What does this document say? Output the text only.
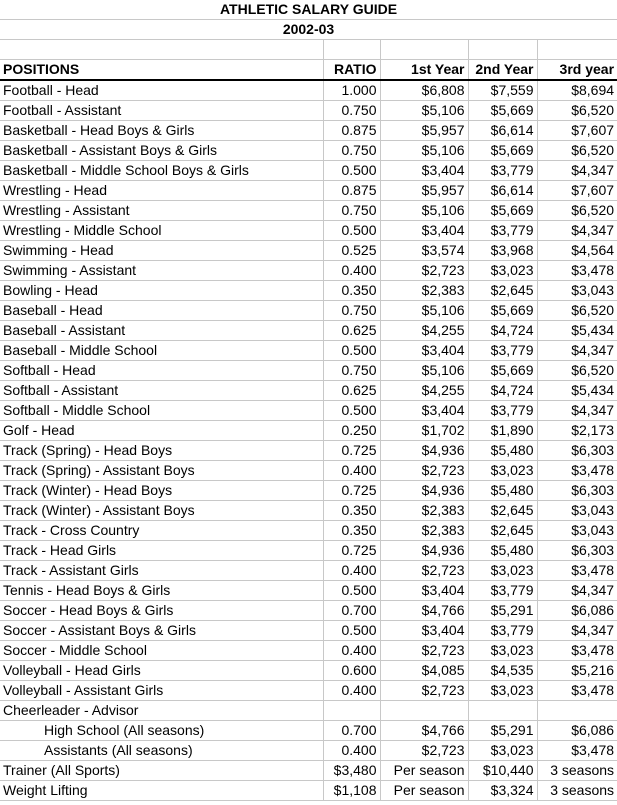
ATHLETIC SALARY GUIDE				
2002-03				

POSITIONS	RATIO	1st Year	2nd Year	3rd year
Football - Head	1.000	$6,808	$7,559	$8,694
Football - Assistant	0.750	$5,106	$5,669	$6,520
Basketball - Head Boys & Girls	0.875	$5,957	$6,614	$7,607
Basketball - Assistant Boys & Girls	0.750	$5,106	$5,669	$6,520
Basketball - Middle School Boys & Girls	0.500	$3,404	$3,779	$4,347
Wrestling - Head	0.875	$5,957	$6,614	$7,607
Wrestling - Assistant	0.750	$5,106	$5,669	$6,520
Wrestling - Middle School	0.500	$3,404	$3,779	$4,347
Swimming - Head	0.525	$3,574	$3,968	$4,564
Swimming - Assistant	0.400	$2,723	$3,023	$3,478
Bowling - Head	0.350	$2,383	$2,645	$3,043
Baseball - Head	0.750	$5,106	$5,669	$6,520
Baseball - Assistant	0.625	$4,255	$4,724	$5,434
Baseball - Middle School	0.500	$3,404	$3,779	$4,347
Softball - Head	0.750	$5,106	$5,669	$6,520
Softball - Assistant	0.625	$4,255	$4,724	$5,434
Softball - Middle School	0.500	$3,404	$3,779	$4,347
Golf - Head	0.250	$1,702	$1,890	$2,173
Track (Spring) - Head Boys	0.725	$4,936	$5,480	$6,303
Track (Spring) - Assistant Boys	0.400	$2,723	$3,023	$3,478
Track (Winter) - Head Boys	0.725	$4,936	$5,480	$6,303
Track (Winter) - Assistant Boys	0.350	$2,383	$2,645	$3,043
Track - Cross Country	0.350	$2,383	$2,645	$3,043
Track - Head Girls	0.725	$4,936	$5,480	$6,303
Track - Assistant Girls	0.400	$2,723	$3,023	$3,478
Tennis - Head Boys & Girls	0.500	$3,404	$3,779	$4,347
Soccer - Head Boys & Girls	0.700	$4,766	$5,291	$6,086
Soccer - Assistant Boys & Girls	0.500	$3,404	$3,779	$4,347
Soccer - Middle School	0.400	$2,723	$3,023	$3,478
Volleyball - Head Girls	0.600	$4,085	$4,535	$5,216
Volleyball - Assistant Girls	0.400	$2,723	$3,023	$3,478
Cheerleader - Advisor				
High School (All seasons)	0.700	$4,766	$5,291	$6,086
Assistants (All seasons)	0.400	$2,723	$3,023	$3,478
Trainer (All Sports)	$3,480	Per season	$10,440	3 seasons
Weight Lifting	$1,108	Per season	$3,324	3 seasons
